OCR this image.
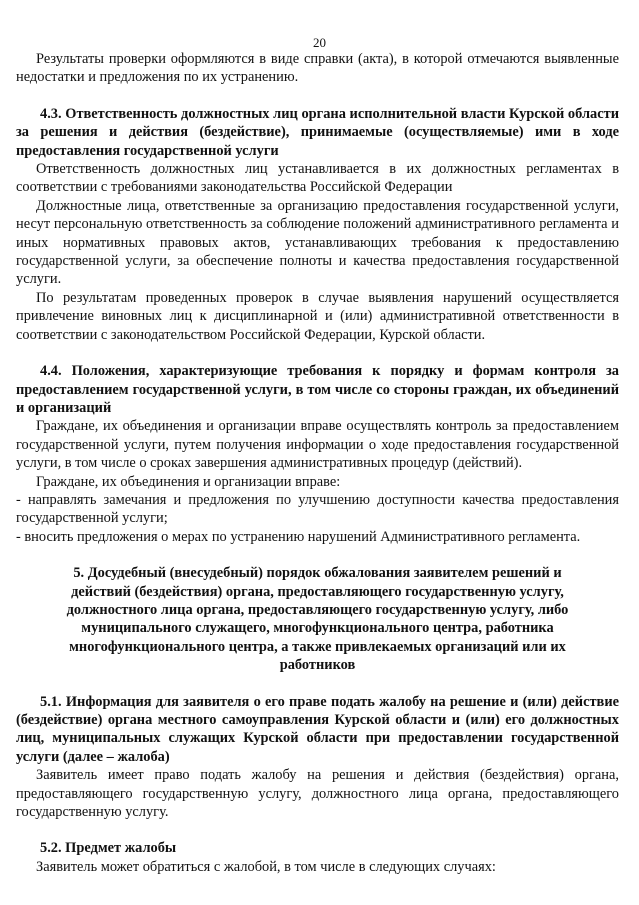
20

Результаты проверки оформляются в виде справки (акта), в которой отмечаются выявленные недостатки и предложения по их устранению.

4.3. Ответственность должностных лиц органа исполнительной власти Курской области за решения и действия (бездействие), принимаемые (осуществляемые) ими в ходе предоставления государственной услуги

Ответственность должностных лиц устанавливается в их должностных регламентах в соответствии с требованиями законодательства Российской Федерации

Должностные лица, ответственные за организацию предоставления государственной услуги, несут персональную ответственность за соблюдение положений административного регламента и иных нормативных правовых актов, устанавливающих требования к предоставлению государственной услуги, за обеспечение полноты и качества предоставления государственной услуги.

По результатам проведенных проверок в случае выявления нарушений осуществляется привлечение виновных лиц к дисциплинарной и (или) административной ответственности в соответствии с законодательством Российской Федерации, Курской области.

4.4. Положения, характеризующие требования к порядку и формам контроля за предоставлением государственной услуги, в том числе со стороны граждан, их объединений и организаций

Граждане, их объединения и организации вправе осуществлять контроль за предоставлением государственной услуги, путем получения информации о ходе предоставления государственной услуги, в том числе о сроках завершения административных процедур (действий).

Граждане, их объединения и организации вправе:

- направлять замечания и предложения по улучшению доступности качества предоставления государственной услуги;

- вносить предложения о мерах по устранению нарушений Административного регламента.

5. Досудебный (внесудебный) порядок обжалования заявителем решений и действий (бездействия) органа, предоставляющего государственную услугу, должностного лица органа, предоставляющего государственную услугу, либо муниципального служащего, многофункционального центра, работника многофункционального центра, а также привлекаемых организаций или их работников

5.1. Информация для заявителя о его праве подать жалобу на решение и (или) действие (бездействие) органа местного самоуправления Курской области и (или) его должностных лиц, муниципальных служащих Курской области при предоставлении государственной услуги (далее – жалоба)

Заявитель имеет право подать жалобу на решения и действия (бездействия) органа, предоставляющего государственную услугу, должностного лица органа, предоставляющего государственную услугу.

5.2. Предмет жалобы

Заявитель может обратиться с жалобой, в том числе в следующих случаях:
